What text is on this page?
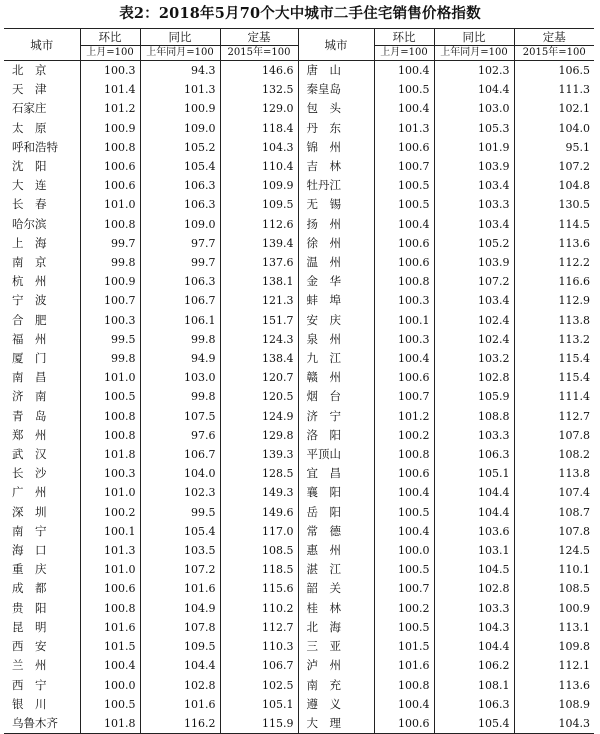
表2：2018年5月70个大中城市二手住宅销售价格指数
城市	环比	同比	定基	城市	环比	同比	定基
	上月=100	上年同月=100	2015年=100		上月=100	上年同月=100	2015年=100
北　京	100.3	94.3	146.6	唐　山	100.4	102.3	106.5
天　津	101.4	101.3	132.5	秦皇岛	100.5	104.4	111.3
石家庄	101.2	100.9	129.0	包　头	100.4	103.0	102.1
太　原	100.9	109.0	118.4	丹　东	101.3	105.3	104.0
呼和浩特	100.8	105.2	104.3	锦　州	100.6	101.9	95.1
沈　阳	100.6	105.4	110.4	吉　林	100.7	103.9	107.2
大　连	100.6	106.3	109.9	牡丹江	100.5	103.4	104.8
长　春	101.0	106.3	109.5	无　锡	100.5	103.3	130.5
哈尔滨	100.8	109.0	112.6	扬　州	100.4	103.4	114.5
上　海	99.7	97.7	139.4	徐　州	100.6	105.2	113.6
南　京	99.8	99.7	137.6	温　州	100.6	103.9	112.2
杭　州	100.9	106.3	138.1	金　华	100.8	107.2	116.6
宁　波	100.7	106.7	121.3	蚌　埠	100.3	103.4	112.9
合　肥	100.3	106.1	151.7	安　庆	100.1	102.4	113.8
福　州	99.5	99.8	124.3	泉　州	100.3	102.4	113.2
厦　门	99.8	94.9	138.4	九　江	100.4	103.2	115.4
南　昌	101.0	103.0	120.7	赣　州	100.6	102.8	115.4
济　南	100.5	99.8	120.5	烟　台	100.7	105.9	111.4
青　岛	100.8	107.5	124.9	济　宁	101.2	108.8	112.7
郑　州	100.8	97.6	129.8	洛　阳	100.2	103.3	107.8
武　汉	101.8	106.7	139.3	平顶山	100.8	106.3	108.2
长　沙	100.3	104.0	128.5	宜　昌	100.6	105.1	113.8
广　州	101.0	102.3	149.3	襄　阳	100.4	104.4	107.4
深　圳	100.2	99.5	149.6	岳　阳	100.5	104.4	108.7
南　宁	100.1	105.4	117.0	常　德	100.4	103.6	107.8
海　口	101.3	103.5	108.5	惠　州	100.0	103.1	124.5
重　庆	101.0	107.2	118.5	湛　江	100.5	104.5	110.1
成　都	100.6	101.6	115.6	韶　关	100.7	102.8	108.5
贵　阳	100.8	104.9	110.2	桂　林	100.2	103.3	100.9
昆　明	101.6	107.8	112.7	北　海	100.5	104.3	113.1
西　安	101.5	109.5	110.3	三　亚	101.5	104.4	109.8
兰　州	100.4	104.4	106.7	泸　州	101.6	106.2	112.1
西　宁	100.0	102.8	102.5	南　充	100.8	108.1	113.6
银　川	100.5	101.6	105.1	遵　义	100.4	106.3	108.9
乌鲁木齐	101.8	116.2	115.9	大　理	100.6	105.4	104.3
